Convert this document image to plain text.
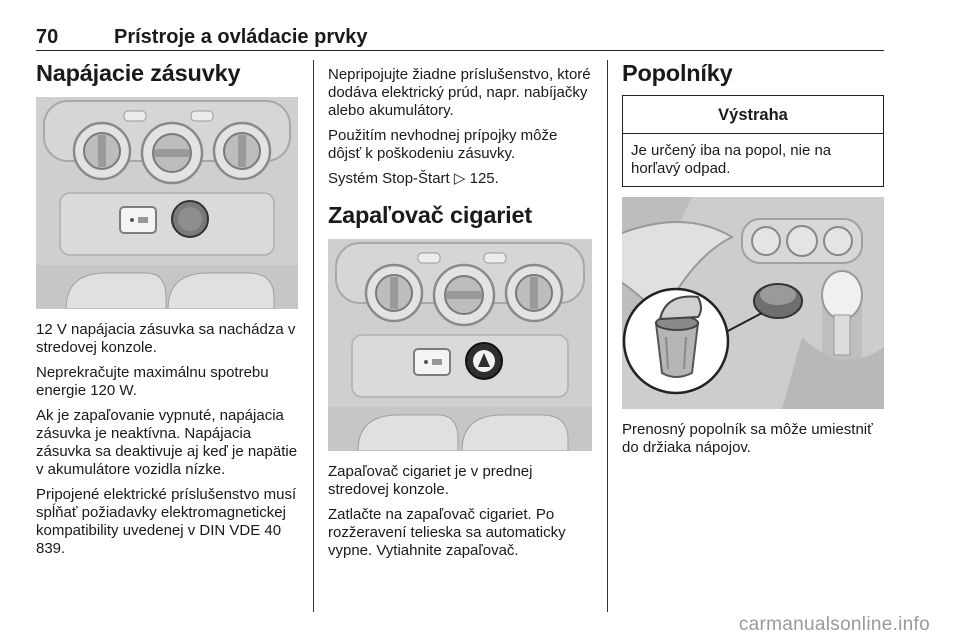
70	Prístroje a ovládacie prvky
Napájacie zásuvky

12 V napájacia zásuvka sa nachádza v stredovej konzole.

Neprekračujte maximálnu spotrebu energie 120 W.

Ak je zapaľovanie vypnuté, napájacia zásuvka je neaktívna. Napájacia zásuvka sa deaktivuje aj keď je napätie v akumulátore vozidla nízke.

Pripojené elektrické príslušenstvo musí spĺňať požiadavky elektromagnetickej kompatibility uvedenej v DIN VDE 40 839.

Nepripojujte žiadne príslušenstvo, ktoré dodáva elektrický prúd, napr. nabíjačky alebo akumulátory.

Použitím nevhodnej prípojky môže dôjsť k poškodeniu zásuvky.

Systém Stop-Štart ▷ 125.

Zapaľovač cigariet

Zapaľovač cigariet je v prednej stredovej konzole.

Zatlačte na zapaľovač cigariet. Po rozžeravení telieska sa automaticky vypne. Vytiahnite zapaľovač.

Popolníky
Výstraha
Je určený iba na popol, nie na horľavý odpad.

Prenosný popolník sa môže umiestniť do držiaka nápojov.

carmanualsonline.info
